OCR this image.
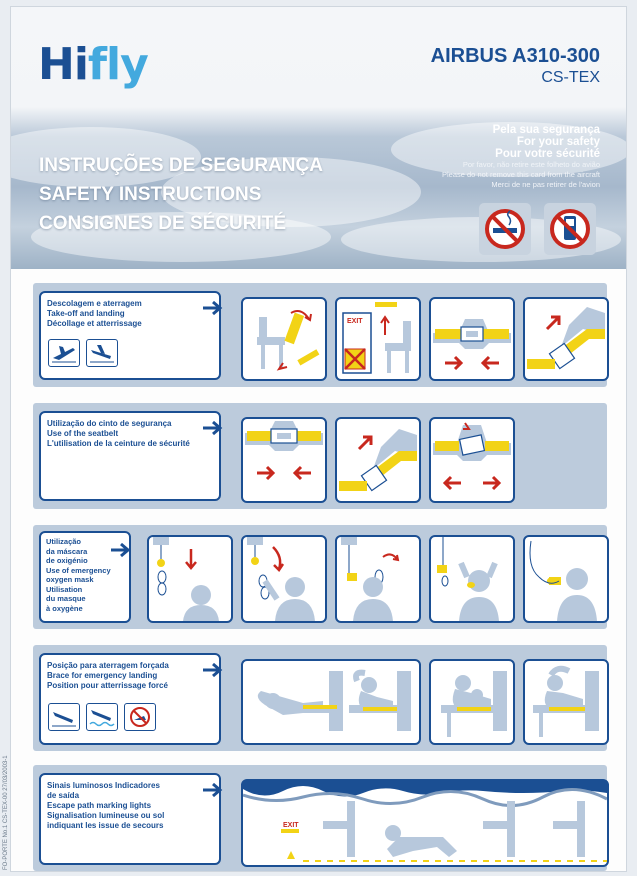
Hifly	AIRBUS A310-300
CS-TEX
INSTRUÇÕES DE SEGURANÇA
SAFETY INSTRUCTIONS
CONSIGNES DE SÉCURITÉ
Pela sua segurança
For your safety
Pour votre sécurité
Por favor, não retire este folheto do avião
Please do not remove this card from the aircraft
Merci de ne pas retirer de l'avion
Descolagem e aterragem
Take-off and landing
Décollage et atterrissage	EXIT
Utilização do cinto de segurança
Use of the seatbelt
L'utilisation de la ceinture de sécurité
Utilização
da máscara
de oxigénio
Use of emergency
oxygen mask
Utilisation
du masque
à oxygène
Posição para aterragem forçada
Brace for emergency landing
Position pour atterrissage forcé
Sinais luminosos Indicadores
de saída
Escape path marking lights
Signalisation lumineuse ou sol
indiquant les issue de secours	EXIT
FO-PORTE No.1 CS-TEX-00 27/03/2003-1
